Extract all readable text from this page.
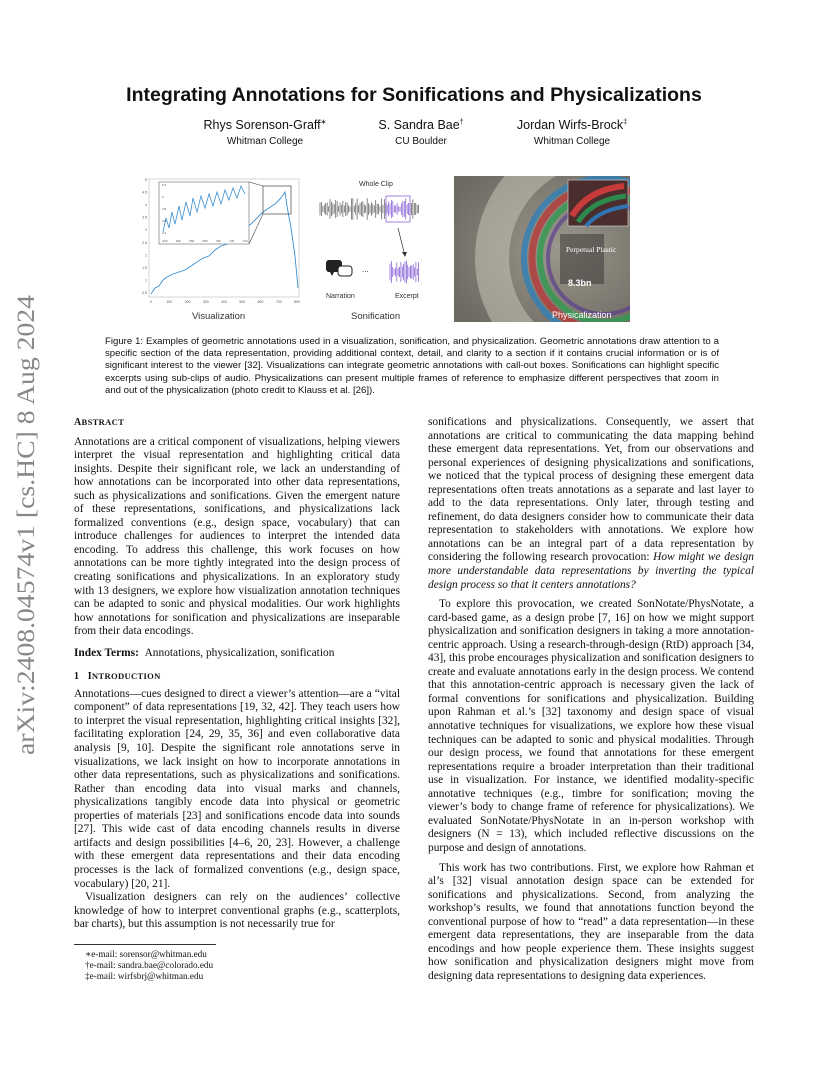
arXiv:2408.04574v1 [cs.HC] 8 Aug 2024
Integrating Annotations for Sonifications and Physicalizations
Rhys Sorenson-Graff∗
Whitman College
S. Sandra Bae†
CU Boulder
Jordan Wirfs-Brock‡
Whitman College
0.5
1
1.5
2
2.5
3
3.5
4
4.5
5
0	100	200	300	400	500	600	700	800
620	640	660	680	700	720	740
4.4
4.6
4.8
5
5.2
Visualization
...
Whole Clip
Narration	Excerpt
Sonification
Perpetual Plastic
8.3bn
Physicalization
Figure 1: Examples of geometric annotations used in a visualization, sonification, and physicalization. Geometric annotations draw attention to a specific section of the data representation, providing additional context, detail, and clarity to a section if it contains crucial information or is of significant interest to the viewer [32]. Visualizations can integrate geometric annotations with call-out boxes. Sonifications can highlight specific excerpts using sub-clips of audio. Physicalizations can present multiple frames of reference to emphasize different perspectives that zoom in and out of the physicalization (photo credit to Klauss et al. [26]).

ABSTRACT

Annotations are a critical component of visualizations, helping viewers interpret the visual representation and highlighting critical data insights. Despite their significant role, we lack an understanding of how annotations can be incorporated into other data representations, such as physicalizations and sonifications. Given the emergent nature of these representations, sonifications, and physicalizations lack formalized conventions (e.g., design space, vocabulary) that can introduce challenges for audiences to interpret the intended data encoding. To address this challenge, this work focuses on how annotations can be more tightly integrated into the design process of creating sonifications and physicalizations. In an exploratory study with 13 designers, we explore how visualization annotation techniques can be adapted to sonic and physical modalities. Our work highlights how annotations for sonification and physicalizations are inseparable from their data encodings.

Index Terms: Annotations, physicalization, sonification

1 INTRODUCTION

Annotations—cues designed to direct a viewer’s attention—are a “vital component” of data representations [19, 32, 42]. They teach users how to interpret the visual representation, highlighting critical insights [32], facilitating exploration [24, 29, 35, 36] and even collaborative data analysis [9, 10]. Despite the significant role annotations serve in visualizations, we lack insight on how to incorporate annotations in other data representations, such as physicalizations and sonifications. Rather than encoding data into visual marks and channels, physicalizations tangibly encode data into physical or geometric properties of materials [23] and sonifications encode data into sounds [27]. This wide cast of data encoding channels results in diverse artifacts and design possibilities [4–6, 20, 23]. However, a challenge with these emergent data representations and their data encoding processes is the lack of formalized conventions (e.g., design space, vocabulary) [20, 21].

Visualization designers can rely on the audiences’ collective knowledge of how to interpret conventional graphs (e.g., scatterplots, bar charts), but this assumption is not necessarily true for

∗e-mail: sorensor@whitman.edu
†e-mail: sandra.bae@colorado.edu
‡e-mail: wirfsbrj@whitman.edu

sonifications and physicalizations. Consequently, we assert that annotations are critical to communicating the data mapping behind these emergent data representations. Yet, from our observations and personal experiences of designing physicalizations and sonifications, we noticed that the typical process of designing these emergent data representations often treats annotations as a separate and last layer to add to the data representations. Only later, through testing and refinement, do data designers consider how to communicate their data representation to stakeholders with annotations. We explore how annotations can be an integral part of a data representation by considering the following research provocation: How might we design more understandable data representations by inverting the typical design process so that it centers annotations?

To explore this provocation, we created SonNotate/PhysNotate, a card-based game, as a design probe [7, 16] on how we might support physicalization and sonification designers in taking a more annotation-centric approach. Using a research-through-design (RtD) approach [34, 43], this probe encourages physicalization and sonification designers to create and evaluate annotations early in the design process. We contend that this annotation-centric approach is necessary given the lack of formal conventions for sonifications and physicalization. Building upon Rahman et al.’s [32] taxonomy and design space of visual annotative techniques for visualizations, we explore how these visual techniques can be adapted to sonic and physical modalities. Through our design process, we found that annotations for these emergent representations require a broader interpretation than their traditional use in visualization. For instance, we identified modality-specific annotative techniques (e.g., timbre for sonification; moving the viewer’s body to change frame of reference for physicalizations). We evaluated SonNotate/PhysNotate in an in-person workshop with designers (N = 13), which included reflective discussions on the purpose and design of annotations.

This work has two contributions. First, we explore how Rahman et al’s [32] visual annotation design space can be extended for sonifications and physicalizations. Second, from analyzing the workshop’s results, we found that annotations function beyond the conventional purpose of how to “read” a data representation—in these emergent data representations, they are inseparable from the data encodings and how people experience them. These insights suggest how sonification and physicalization designers might move from designing data representations to designing data experiences.
